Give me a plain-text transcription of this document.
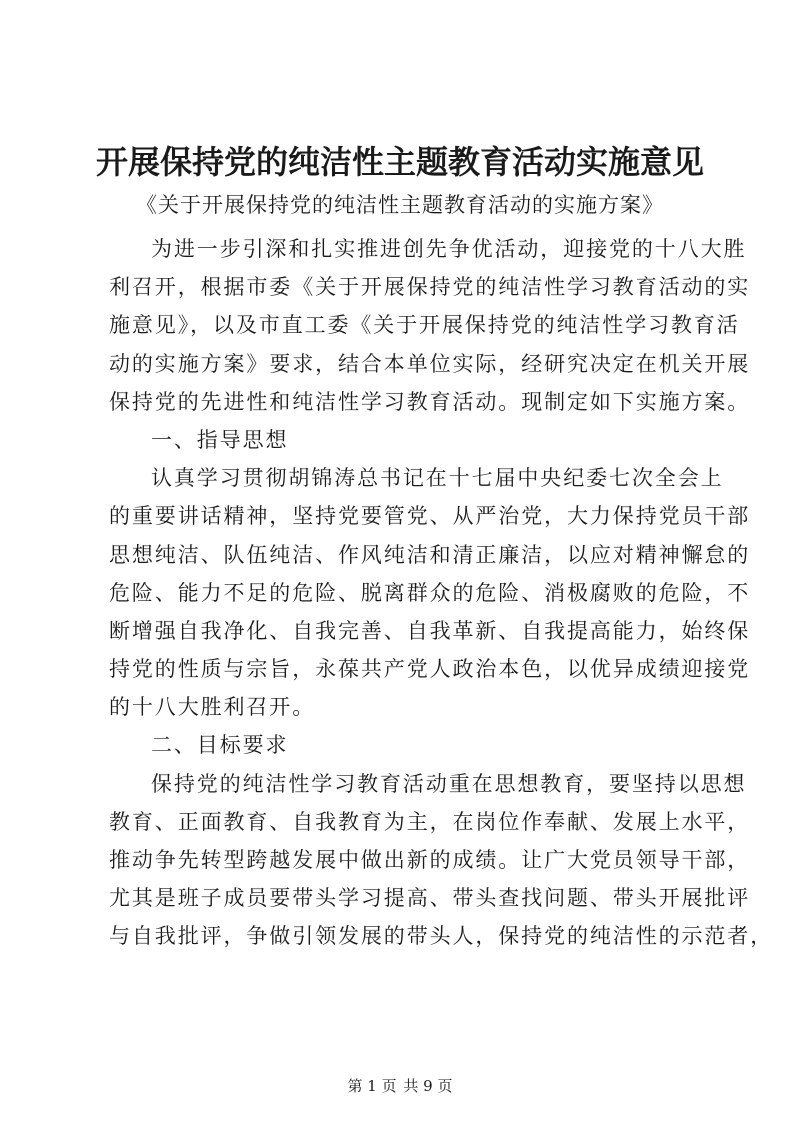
开展保持党的纯洁性主题教育活动实施意见

《关于开展保持党的纯洁性主题教育活动的实施方案》

为进一步引深和扎实推进创先争优活动，迎接党的十八大胜
利召开，根据市委《关于开展保持党的纯洁性学习教育活动的实
施意见》，以及市直工委《关于开展保持党的纯洁性学习教育活
动的实施方案》要求，结合本单位实际，经研究决定在机关开展
保持党的先进性和纯洁性学习教育活动。现制定如下实施方案。
一、指导思想
认真学习贯彻胡锦涛总书记在十七届中央纪委七次全会上
的重要讲话精神，坚持党要管党、从严治党，大力保持党员干部
思想纯洁、队伍纯洁、作风纯洁和清正廉洁，以应对精神懈怠的
危险、能力不足的危险、脱离群众的危险、消极腐败的危险，不
断增强自我净化、自我完善、自我革新、自我提高能力，始终保
持党的性质与宗旨，永葆共产党人政治本色，以优异成绩迎接党
的十八大胜利召开。
二、目标要求
保持党的纯洁性学习教育活动重在思想教育，要坚持以思想
教育、正面教育、自我教育为主，在岗位作奉献、发展上水平，
推动争先转型跨越发展中做出新的成绩。让广大党员领导干部，
尤其是班子成员要带头学习提高、带头查找问题、带头开展批评
与自我批评，争做引领发展的带头人，保持党的纯洁性的示范者，
第 1 页 共 9 页
